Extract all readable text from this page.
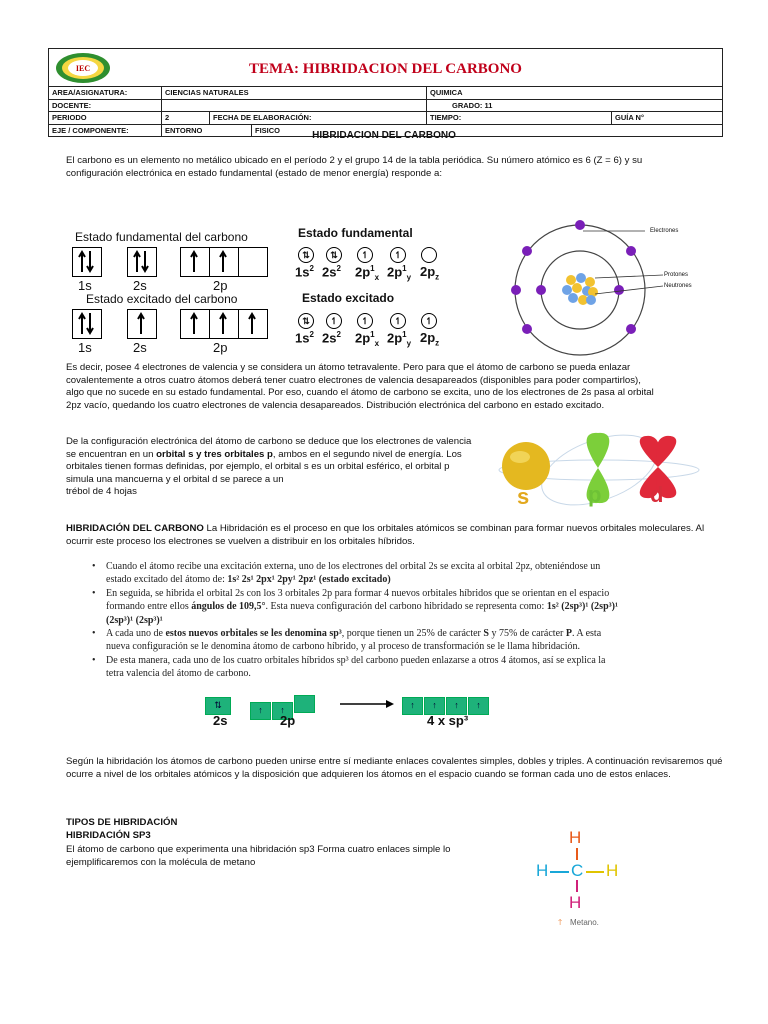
IEC	TEMA: HIBRIDACION DEL CARBONO
AREA/ASIGNATURA:	CIENCIAS NATURALES	QUIMICA
DOCENTE:	GRADO: 11
PERIODO	2	FECHA DE ELABORACIÓN:	TIEMPO:	GUÍA N°
EJE / COMPONENTE:	ENTORNO	FISICO	HIBRIDACION DEL CARBONO
El carbono es un elemento no metálico ubicado en el período 2 y el grupo 14 de la tabla periódica. Su número atómico es 6 (Z = 6) y su configuración electrónica en estado fundamental (estado de menor energía) responde a:
Estado fundamental del carbono
1s	2s	2p
Estado excitado del carbono
1s	2s	2p
Estado fundamental
⇅	⇅	↿	↿
$1s^2$ $2s^2$ $2p^1_x$ $2p^1_y$ $2p_z$
Estado excitado
⇅	↿	↿	↿	↿
$1s^2$ $2s^2$ $2p^1_x$ $2p^1_y$ $2p_z$
Electrones
Protones
Neutrones
Es decir, posee 4 electrones de valencia y se considera un átomo tetravalente. Pero para que el átomo de carbono se pueda enlazar covalentemente a otros cuatro átomos deberá tener cuatro electrones de valencia desapareados (disponibles para poder compartirlos), algo que no sucede en su estado fundamental. Por eso, cuando el átomo de carbono se excita, uno de los electrones de 2s pasa al orbital 2pz vacío, quedando los cuatro electrones de valencia desapareados. Distribución electrónica del carbono en estado excitado.
De la configuración electrónica del átomo de carbono se deduce que los electrones de valencia se encuentran en un orbital s y tres orbitales p, ambos en el segundo nivel de energía. Los orbitales tienen formas definidas, por ejemplo, el orbital s es un orbital esférico, el orbital p simula una mancuerna y el orbital d se parece a un
trébol de 4 hojas	s	p d
HIBRIDACIÓN DEL CARBONO La Hibridación es el proceso en que los orbitales atómicos se combinan para formar nuevos orbitales moleculares. Al ocurrir este proceso los electrones se vuelven a distribuir en los orbitales híbridos.
• Cuando el átomo recibe una excitación externa, uno de los electrones del orbital 2s se excita al orbital 2pz, obteniéndose un estado excitado del átomo de: 1s² 2s¹ 2px¹ 2py¹ 2pz¹ (estado excitado)
• En seguida, se hibrida el orbital 2s con los 3 orbitales 2p para formar 4 nuevos orbitales híbridos que se orientan en el espacio formando entre ellos ángulos de 109,5°. Esta nueva configuración del carbono hibridado se representa como: 1s² (2sp³)¹ (2sp³)¹ (2sp³)¹ (2sp³)¹
• A cada uno de estos nuevos orbitales se les denomina sp³, porque tienen un 25% de carácter S y 75% de carácter P. A esta nueva configuración se le denomina átomo de carbono híbrido, y al proceso de transformación se le llama hibridación.
• De esta manera, cada uno de los cuatro orbitales híbridos sp³ del carbono pueden enlazarse a otros 4 átomos, así se explica la tetra valencia del átomo de carbono.
⇅	↑ ↑	↑ ↑ ↑ ↑
2s	2p	4 x sp³
Según la hibridación los átomos de carbono pueden unirse entre sí mediante enlaces covalentes simples, dobles y triples. A continuación revisaremos qué ocurre a nivel de los orbitales atómicos y la disposición que adquieren los átomos en el espacio cuando se forman cada uno de estos enlaces.
TIPOS DE HIBRIDACIÓN
HIBRIDACIÓN SP3
El átomo de carbono que experimenta una hibridación sp3 Forma cuatro enlaces simple lo ejemplificaremos con la molécula de metano
H
H C H
H
🡑 Metano.
